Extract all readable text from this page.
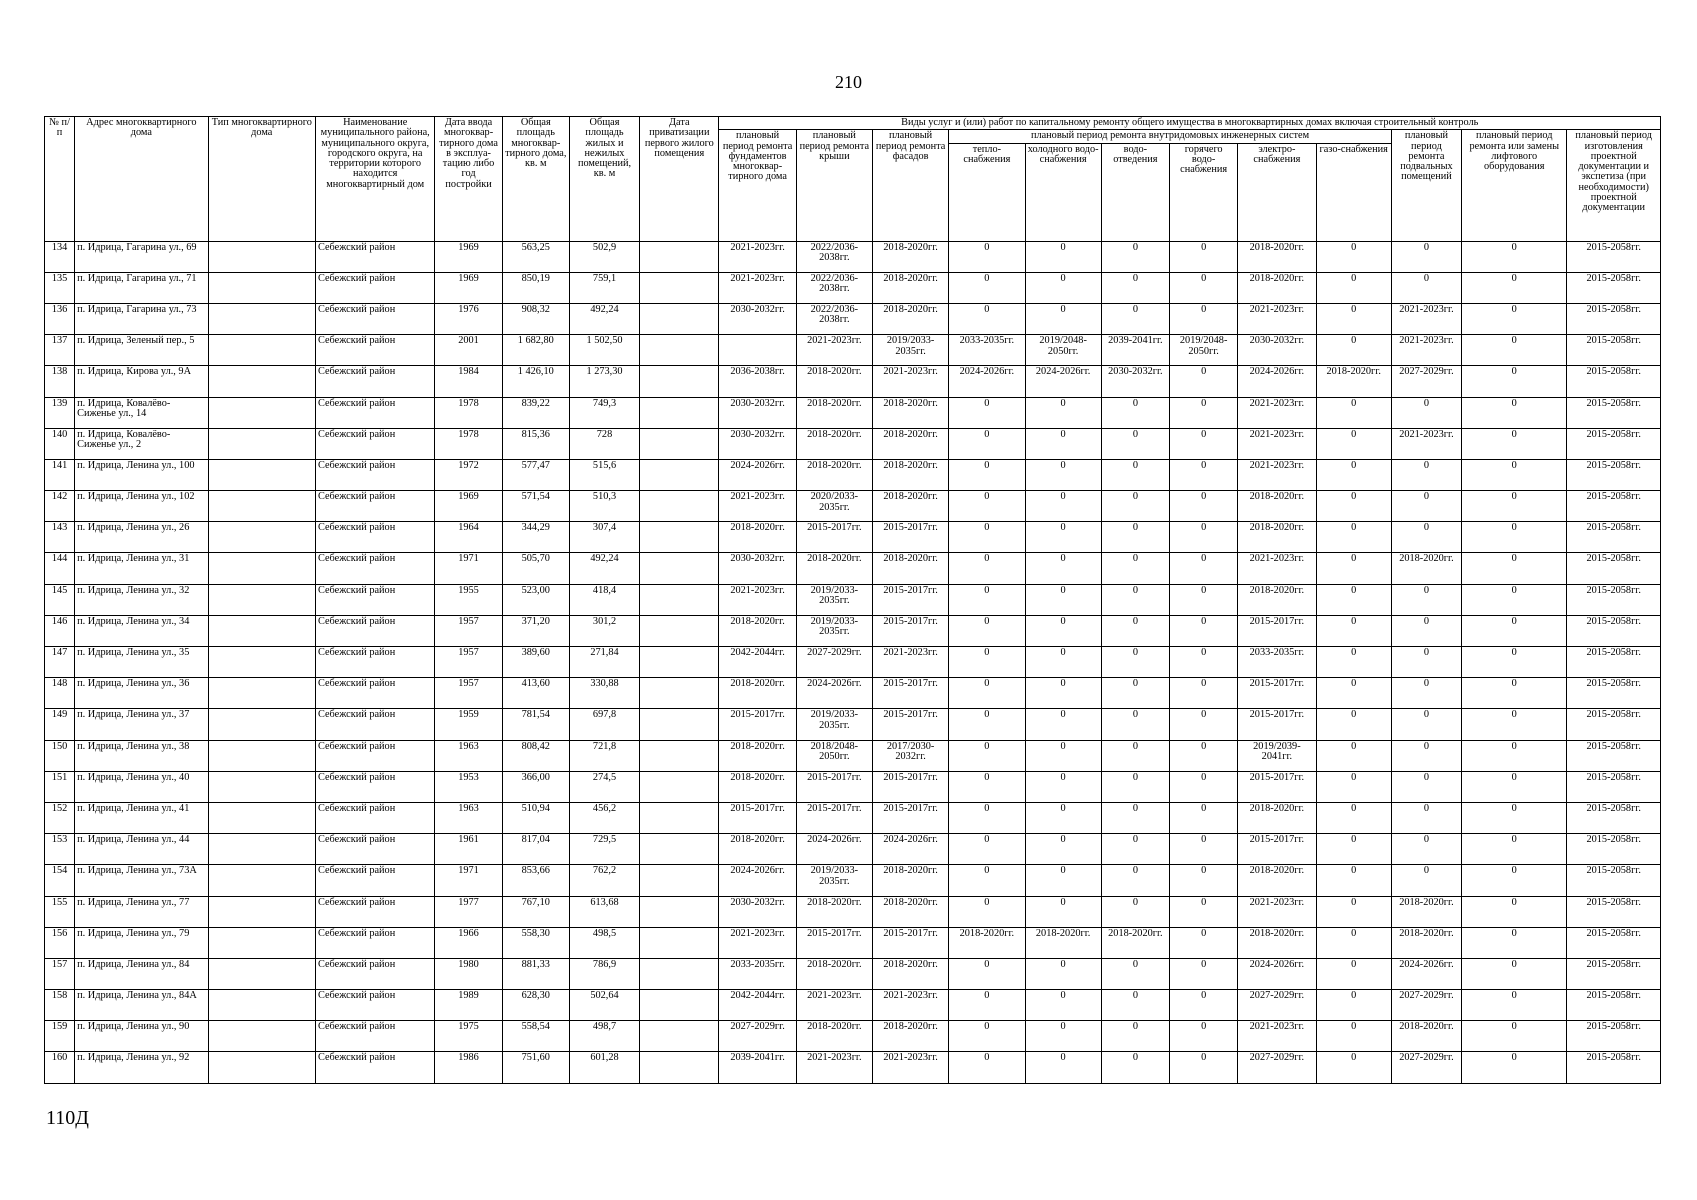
210
№ п/п	Адрес многоквартирного дома	Тип многоквартирного дома	Наименование муниципального района, муниципального округа, городского округа, на территории которого находится многоквартирный дом	Дата ввода многоквар-тирного дома в эксплуа-тацию либо год постройки	Общая площадь многоквар-тирного дома, кв. м	Общая площадь жилых и нежилых помещений, кв. м	Дата приватизации первого жилого помещения	Виды услуг и (или) работ по капитальному ремонту общего имущества в многоквартирных домах включая строительный контроль											
								плановый период ремонта фундаментов многоквар-тирного дома	плановый период ремонта крыши	плановый период ремонта фасадов	плановый период ремонта внутридомовых инженерных систем						плановый период ремонта подвальных помещений	плановый период ремонта или замены лифтового оборудования	плановый период изготовления проектной документации и экспетиза (при необходимости) проектной документации
											тепло-снабжения	холодного водо-снабжения	водо-отведения	горячего водо-снабжения	электро-снабжения	газо-снабжения			
134	п. Идрица, Гагарина ул., 69		Себежский район	1969	563,25	502,9		2021-2023гг.	2022/2036-2038гг.	2018-2020гг.	0	0	0	0	2018-2020гг.	0	0	0	2015-2058гг.
135	п. Идрица, Гагарина ул., 71		Себежский район	1969	850,19	759,1		2021-2023гг.	2022/2036-2038гг.	2018-2020гг.	0	0	0	0	2018-2020гг.	0	0	0	2015-2058гг.
136	п. Идрица, Гагарина ул., 73		Себежский район	1976	908,32	492,24		2030-2032гг.	2022/2036-2038гг.	2018-2020гг.	0	0	0	0	2021-2023гг.	0	2021-2023гг.	0	2015-2058гг.
137	п. Идрица, Зеленый пер., 5		Себежский район	2001	1 682,80	1 502,50			2021-2023гг.	2019/2033-2035гг.	2033-2035гг.	2019/2048-2050гг.	2039-2041гг.	2019/2048-2050гг.	2030-2032гг.	0	2021-2023гг.	0	2015-2058гг.
138	п. Идрица, Кирова ул., 9А		Себежский район	1984	1 426,10	1 273,30		2036-2038гг.	2018-2020гг.	2021-2023гг.	2024-2026гг.	2024-2026гг.	2030-2032гг.	0	2024-2026гг.	2018-2020гг.	2027-2029гг.	0	2015-2058гг.
139	п. Идрица, Ковалёво-Сиженье ул., 14		Себежский район	1978	839,22	749,3		2030-2032гг.	2018-2020гг.	2018-2020гг.	0	0	0	0	2021-2023гг.	0	0	0	2015-2058гг.
140	п. Идрица, Ковалёво-Сиженье ул., 2		Себежский район	1978	815,36	728		2030-2032гг.	2018-2020гг.	2018-2020гг.	0	0	0	0	2021-2023гг.	0	2021-2023гг.	0	2015-2058гг.
141	п. Идрица, Ленина ул., 100		Себежский район	1972	577,47	515,6		2024-2026гг.	2018-2020гг.	2018-2020гг.	0	0	0	0	2021-2023гг.	0	0	0	2015-2058гг.
142	п. Идрица, Ленина ул., 102		Себежский район	1969	571,54	510,3		2021-2023гг.	2020/2033-2035гг.	2018-2020гг.	0	0	0	0	2018-2020гг.	0	0	0	2015-2058гг.
143	п. Идрица, Ленина ул., 26		Себежский район	1964	344,29	307,4		2018-2020гг.	2015-2017гг.	2015-2017гг.	0	0	0	0	2018-2020гг.	0	0	0	2015-2058гг.
144	п. Идрица, Ленина ул., 31		Себежский район	1971	505,70	492,24		2030-2032гг.	2018-2020гг.	2018-2020гг.	0	0	0	0	2021-2023гг.	0	2018-2020гг.	0	2015-2058гг.
145	п. Идрица, Ленина ул., 32		Себежский район	1955	523,00	418,4		2021-2023гг.	2019/2033-2035гг.	2015-2017гг.	0	0	0	0	2018-2020гг.	0	0	0	2015-2058гг.
146	п. Идрица, Ленина ул., 34		Себежский район	1957	371,20	301,2		2018-2020гг.	2019/2033-2035гг.	2015-2017гг.	0	0	0	0	2015-2017гг.	0	0	0	2015-2058гг.
147	п. Идрица, Ленина ул., 35		Себежский район	1957	389,60	271,84		2042-2044гг.	2027-2029гг.	2021-2023гг.	0	0	0	0	2033-2035гг.	0	0	0	2015-2058гг.
148	п. Идрица, Ленина ул., 36		Себежский район	1957	413,60	330,88		2018-2020гг.	2024-2026гг.	2015-2017гг.	0	0	0	0	2015-2017гг.	0	0	0	2015-2058гг.
149	п. Идрица, Ленина ул., 37		Себежский район	1959	781,54	697,8		2015-2017гг.	2019/2033-2035гг.	2015-2017гг.	0	0	0	0	2015-2017гг.	0	0	0	2015-2058гг.
150	п. Идрица, Ленина ул., 38		Себежский район	1963	808,42	721,8		2018-2020гг.	2018/2048-2050гг.	2017/2030-2032гг.	0	0	0	0	2019/2039-2041гг.	0	0	0	2015-2058гг.
151	п. Идрица, Ленина ул., 40		Себежский район	1953	366,00	274,5		2018-2020гг.	2015-2017гг.	2015-2017гг.	0	0	0	0	2015-2017гг.	0	0	0	2015-2058гг.
152	п. Идрица, Ленина ул., 41		Себежский район	1963	510,94	456,2		2015-2017гг.	2015-2017гг.	2015-2017гг.	0	0	0	0	2018-2020гг.	0	0	0	2015-2058гг.
153	п. Идрица, Ленина ул., 44		Себежский район	1961	817,04	729,5		2018-2020гг.	2024-2026гг.	2024-2026гг.	0	0	0	0	2015-2017гг.	0	0	0	2015-2058гг.
154	п. Идрица, Ленина ул., 73А		Себежский район	1971	853,66	762,2		2024-2026гг.	2019/2033-2035гг.	2018-2020гг.	0	0	0	0	2018-2020гг.	0	0	0	2015-2058гг.
155	п. Идрица, Ленина ул., 77		Себежский район	1977	767,10	613,68		2030-2032гг.	2018-2020гг.	2018-2020гг.	0	0	0	0	2021-2023гг.	0	2018-2020гг.	0	2015-2058гг.
156	п. Идрица, Ленина ул., 79		Себежский район	1966	558,30	498,5		2021-2023гг.	2015-2017гг.	2015-2017гг.	2018-2020гг.	2018-2020гг.	2018-2020гг.	0	2018-2020гг.	0	2018-2020гг.	0	2015-2058гг.
157	п. Идрица, Ленина ул., 84		Себежский район	1980	881,33	786,9		2033-2035гг.	2018-2020гг.	2018-2020гг.	0	0	0	0	2024-2026гг.	0	2024-2026гг.	0	2015-2058гг.
158	п. Идрица, Ленина ул., 84А		Себежский район	1989	628,30	502,64		2042-2044гг.	2021-2023гг.	2021-2023гг.	0	0	0	0	2027-2029гг.	0	2027-2029гг.	0	2015-2058гг.
159	п. Идрица, Ленина ул., 90		Себежский район	1975	558,54	498,7		2027-2029гг.	2018-2020гг.	2018-2020гг.	0	0	0	0	2021-2023гг.	0	2018-2020гг.	0	2015-2058гг.
160	п. Идрица, Ленина ул., 92		Себежский район	1986	751,60	601,28		2039-2041гг.	2021-2023гг.	2021-2023гг.	0	0	0	0	2027-2029гг.	0	2027-2029гг.	0	2015-2058гг.
110Д
